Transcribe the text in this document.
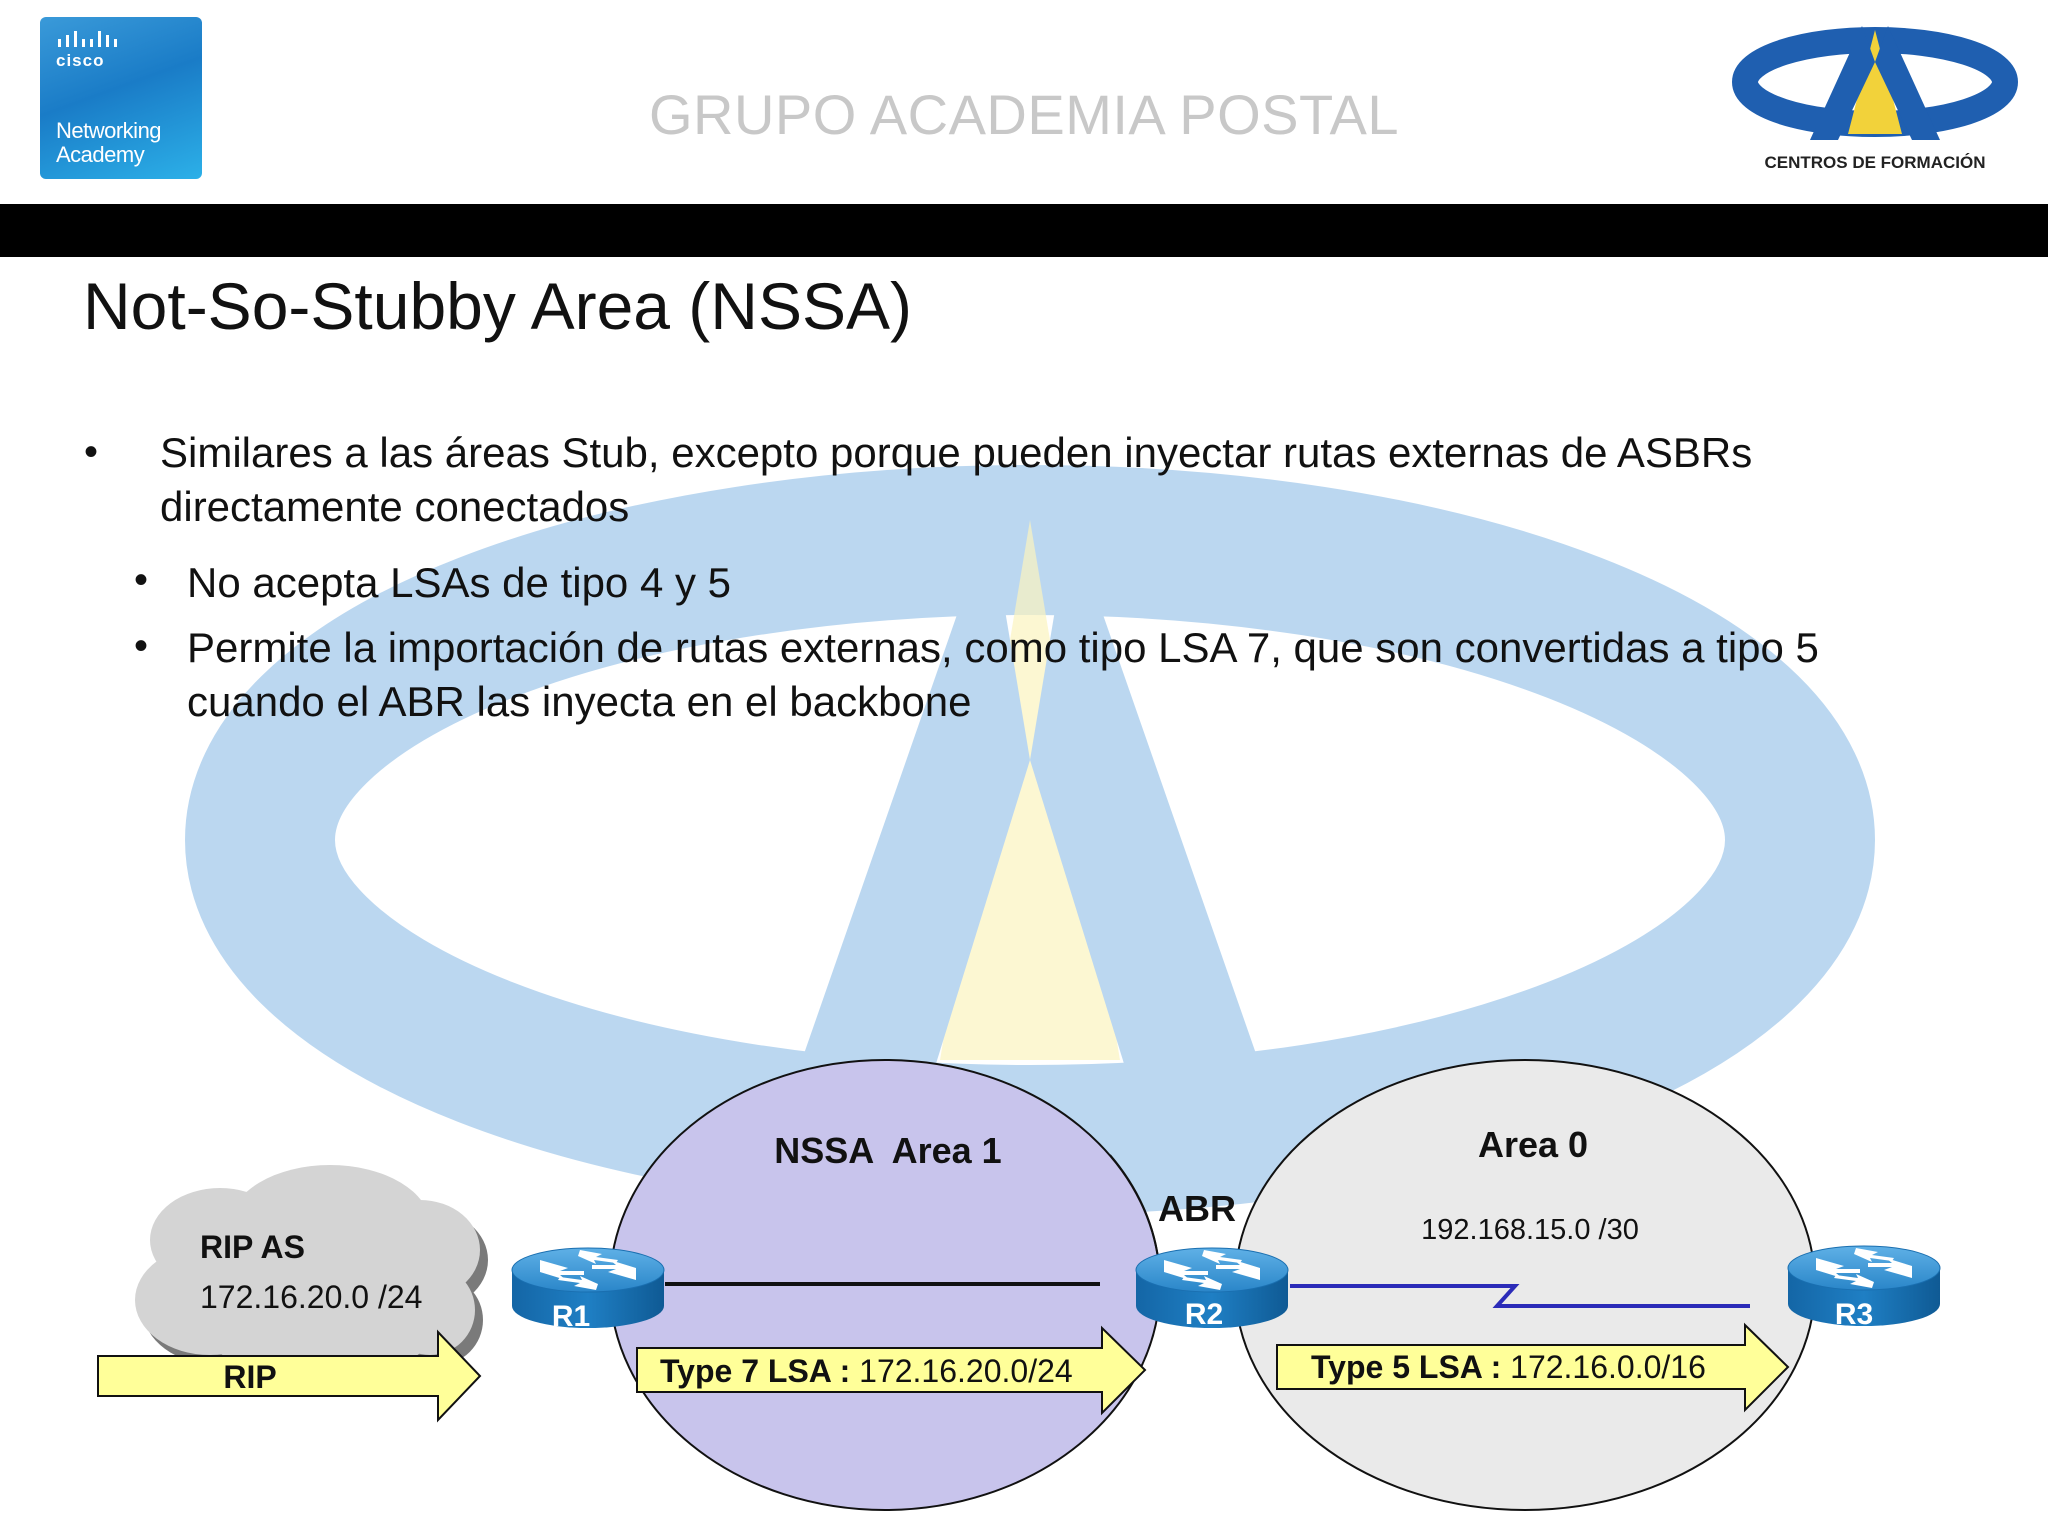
cisco
Networking
Academy
GRUPO ACADEMIA POSTAL
CENTROS DE FORMACIÓN
Not-So-Stubby Area (NSSA)
• Similares a las áreas Stub, excepto porque pueden inyectar rutas externas de ASBRs directamente conectados
• No acepta LSAs de tipo 4 y 5
• Permite la importación de rutas externas, como tipo LSA 7, que son convertidas a tipo 5 cuando el ABR las inyecta en el backbone
RIP AS
172.16.20.0 /24
RIP	Type 7 LSA : 172.16.20.0/24	Type 5 LSA : 172.16.0.0/16
NSSA  Area 1	Area 0
ABR
192.168.15.0 /30
R1	R2	R3
